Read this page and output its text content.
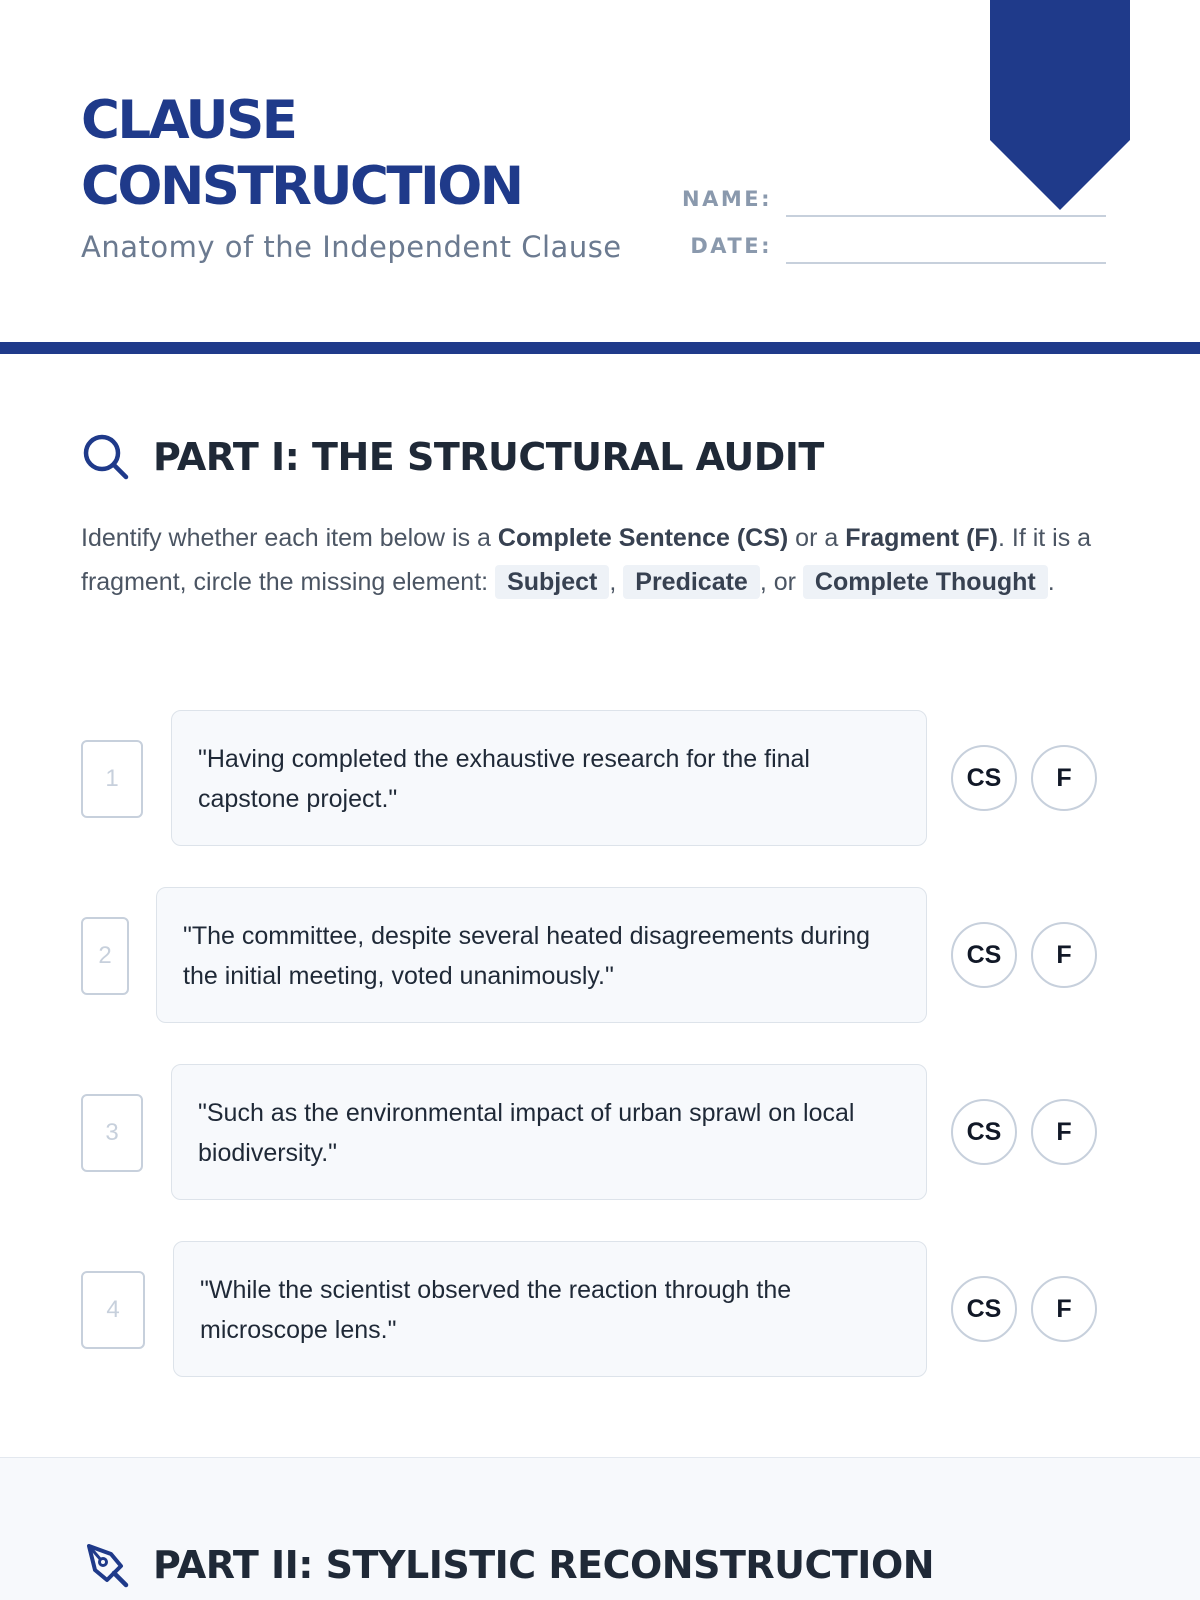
L01
CLAUSE CONSTRUCTION
Anatomy of the Independent Clause
NAME:
DATE:
PART I: THE STRUCTURAL AUDIT

Identify whether each item below is a Complete Sentence (CS) or a Fragment (F). If it is a fragment, circle the missing element: Subject , Predicate , or Complete Thought .

1
"Having completed the exhaustive research for the final capstone project."
CS	F
2
"The committee, despite several heated disagreements during the initial meeting, voted unanimously."
CS	F
3
"Such as the environmental impact of urban sprawl on local biodiversity."
CS	F
4
"While the scientist observed the reaction through the microscope lens."
CS	F
PART II: STYLISTIC RECONSTRUCTION
